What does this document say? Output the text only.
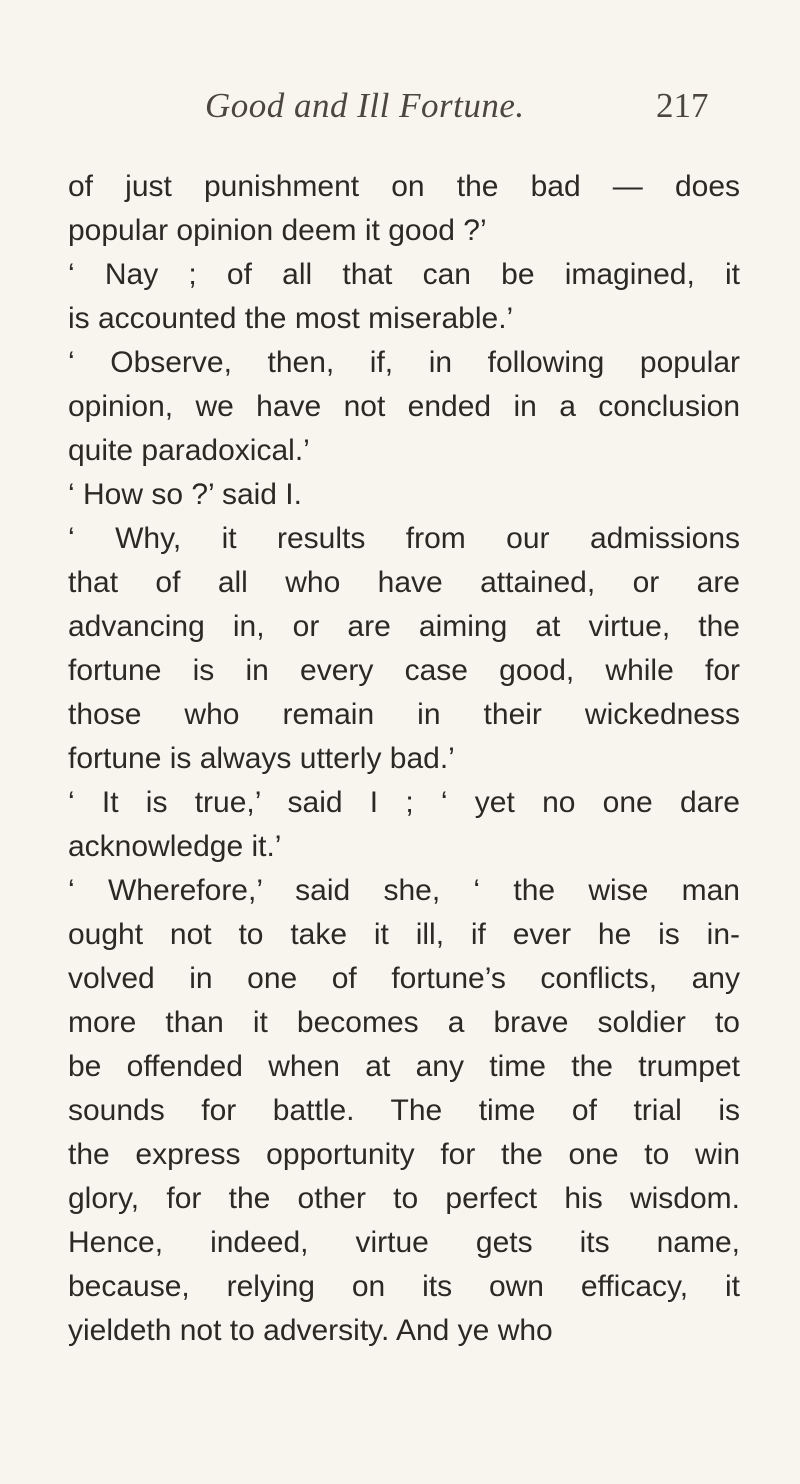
Good and Ill Fortune.	217
of just punishment on the bad — does
popular opinion deem it good ?’
‘ Nay ; of all that can be imagined, it
is accounted the most miserable.’
‘ Observe, then, if, in following popular
opinion, we have not ended in a conclusion
quite paradoxical.’
‘ How so ?’ said I.
‘ Why, it results from our admissions
that of all who have attained, or are
advancing in, or are aiming at virtue, the
fortune is in every case good, while for
those who remain in their wickedness
fortune is always utterly bad.’
‘ It is true,’ said I ; ‘ yet no one dare
acknowledge it.’
‘ Wherefore,’ said she, ‘ the wise man
ought not to take it ill, if ever he is in-
volved in one of fortune’s conflicts, any
more than it becomes a brave soldier to
be offended when at any time the trumpet
sounds for battle. The time of trial is
the express opportunity for the one to win
glory, for the other to perfect his wisdom.
Hence, indeed, virtue gets its name,
because, relying on its own efficacy, it
yieldeth not to adversity. And ye who
